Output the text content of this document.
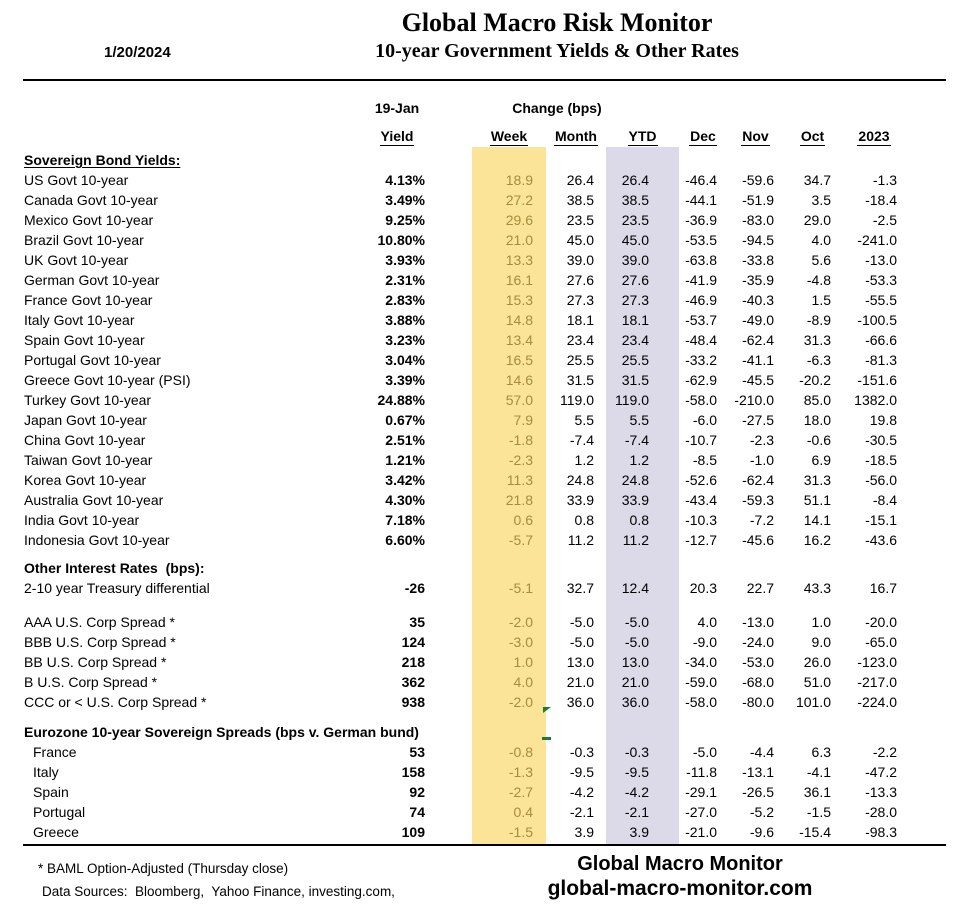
Global Macro Risk Monitor
10-year Government Yields & Other Rates
1/20/2024
19-Jan	Change (bps)
Yield	Week	Month	YTD	Dec	Nov	Oct	2023
Sovereign Bond Yields:
US Govt 10-year	4.13%	18.9	26.4	26.4	-46.4	-59.6	34.7	-1.3
Canada Govt 10-year	3.49%	27.2	38.5	38.5	-44.1	-51.9	3.5	-18.4
Mexico Govt 10-year	9.25%	29.6	23.5	23.5	-36.9	-83.0	29.0	-2.5
Brazil Govt 10-year	10.80%	21.0	45.0	45.0	-53.5	-94.5	4.0	-241.0
UK Govt 10-year	3.93%	13.3	39.0	39.0	-63.8	-33.8	5.6	-13.0
German Govt 10-year	2.31%	16.1	27.6	27.6	-41.9	-35.9	-4.8	-53.3
France Govt 10-year	2.83%	15.3	27.3	27.3	-46.9	-40.3	1.5	-55.5
Italy Govt 10-year	3.88%	14.8	18.1	18.1	-53.7	-49.0	-8.9	-100.5
Spain Govt 10-year	3.23%	13.4	23.4	23.4	-48.4	-62.4	31.3	-66.6
Portugal Govt 10-year	3.04%	16.5	25.5	25.5	-33.2	-41.1	-6.3	-81.3
Greece Govt 10-year (PSI)	3.39%	14.6	31.5	31.5	-62.9	-45.5	-20.2	-151.6
Turkey Govt 10-year	24.88%	57.0	119.0	119.0	-58.0	-210.0	85.0	1382.0
Japan Govt 10-year	0.67%	7.9	5.5	5.5	-6.0	-27.5	18.0	19.8
China Govt 10-year	2.51%	-1.8	-7.4	-7.4	-10.7	-2.3	-0.6	-30.5
Taiwan Govt 10-year	1.21%	-2.3	1.2	1.2	-8.5	-1.0	6.9	-18.5
Korea Govt 10-year	3.42%	11.3	24.8	24.8	-52.6	-62.4	31.3	-56.0
Australia Govt 10-year	4.30%	21.8	33.9	33.9	-43.4	-59.3	51.1	-8.4
India Govt 10-year	7.18%	0.6	0.8	0.8	-10.3	-7.2	14.1	-15.1
Indonesia Govt 10-year	6.60%	-5.7	11.2	11.2	-12.7	-45.6	16.2	-43.6
Other Interest Rates  (bps):
2-10 year Treasury differential	-26	-5.1	32.7	12.4	20.3	22.7	43.3	16.7
AAA U.S. Corp Spread *	35	-2.0	-5.0	-5.0	4.0	-13.0	1.0	-20.0
BBB U.S. Corp Spread *	124	-3.0	-5.0	-5.0	-9.0	-24.0	9.0	-65.0
BB U.S. Corp Spread *	218	1.0	13.0	13.0	-34.0	-53.0	26.0	-123.0
B U.S. Corp Spread *	362	4.0	21.0	21.0	-59.0	-68.0	51.0	-217.0
CCC or < U.S. Corp Spread *	938	-2.0	36.0	36.0	-58.0	-80.0	101.0	-224.0
Eurozone 10-year Sovereign Spreads (bps v. German bund)
France	53	-0.8	-0.3	-0.3	-5.0	-4.4	6.3	-2.2
Italy	158	-1.3	-9.5	-9.5	-11.8	-13.1	-4.1	-47.2
Spain	92	-2.7	-4.2	-4.2	-29.1	-26.5	36.1	-13.3
Portugal	74	0.4	-2.1	-2.1	-27.0	-5.2	-1.5	-28.0
Greece	109	-1.5	3.9	3.9	-21.0	-9.6	-15.4	-98.3
* BAML Option-Adjusted (Thursday close)
Data Sources:  Bloomberg,  Yahoo Finance, investing.com,
Global Macro Monitor
global-macro-monitor.com
